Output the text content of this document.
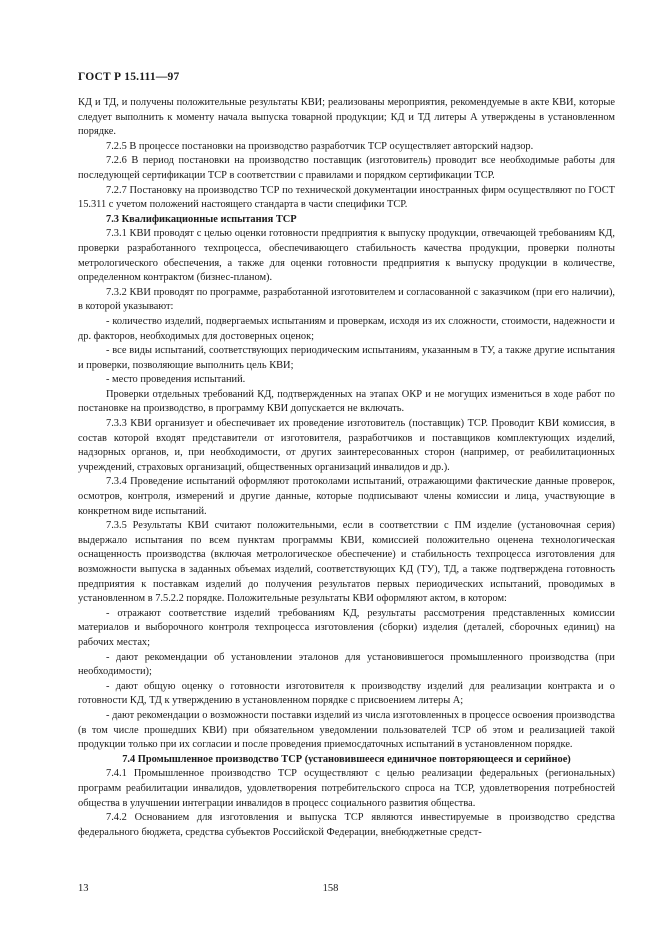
ГОСТ Р 15.111—97

КД и ТД, и получены положительные результаты КВИ; реализованы мероприятия, рекомендуемые в акте КВИ, которые следует выполнить к моменту начала выпуска товарной продукции; КД и ТД литеры А утверждены в установленном порядке.

7.2.5 В процессе постановки на производство разработчик ТСР осуществляет авторский надзор.

7.2.6 В период постановки на производство поставщик (изготовитель) проводит все необходимые работы для последующей сертификации ТСР в соответствии с правилами и порядком сертификации ТСР.

7.2.7 Постановку на производство ТСР по технической документации иностранных фирм осуществляют по ГОСТ 15.311 с учетом положений настоящего стандарта в части специфики ТСР.

7.3 Квалификационные испытания ТСР

7.3.1 КВИ проводят с целью оценки готовности предприятия к выпуску продукции, отвечающей требованиям КД, проверки разработанного техпроцесса, обеспечивающего стабильность качества продукции, проверки полноты метрологического обеспечения, а также для оценки готовности предприятия к выпуску продукции в количестве, определенном контрактом (бизнес-планом).

7.3.2 КВИ проводят по программе, разработанной изготовителем и согласованной с заказчиком (при его наличии), в которой указывают:

- количество изделий, подвергаемых испытаниям и проверкам, исходя из их сложности, стоимости, надежности и др. факторов, необходимых для достоверных оценок;

- все виды испытаний, соответствующих периодическим испытаниям, указанным в ТУ, а также другие испытания и проверки, позволяющие выполнить цель КВИ;

- место проведения испытаний.

Проверки отдельных требований КД, подтвержденных на этапах ОКР и не могущих измениться в ходе работ по постановке на производство, в программу КВИ допускается не включать.

7.3.3 КВИ организует и обеспечивает их проведение изготовитель (поставщик) ТСР. Проводит КВИ комиссия, в состав которой входят представители от изготовителя, разработчиков и поставщиков комплектующих изделий, надзорных органов, и, при необходимости, от других заинтересованных сторон (например, от реабилитационных учреждений, страховых организаций, общественных организаций инвалидов и др.).

7.3.4 Проведение испытаний оформляют протоколами испытаний, отражающими фактические данные проверок, осмотров, контроля, измерений и другие данные, которые подписывают члены комиссии и лица, участвующие в конкретном виде испытаний.

7.3.5 Результаты КВИ считают положительными, если в соответствии с ПМ изделие (установочная серия) выдержало испытания по всем пунктам программы КВИ, комиссией положительно оценена технологическая оснащенность производства (включая метрологическое обеспечение) и стабильность техпроцесса изготовления для возможности выпуска в заданных объемах изделий, соответствующих КД (ТУ), ТД, а также подтверждена готовность предприятия к поставкам изделий до получения результатов первых периодических испытаний, проводимых в установленном в 7.5.2.2 порядке. Положительные результаты КВИ оформляют актом, в котором:

- отражают соответствие изделий требованиям КД, результаты рассмотрения представленных комиссии материалов и выборочного контроля техпроцесса изготовления (сборки) изделия (деталей, сборочных единиц) на рабочих местах;

- дают рекомендации об установлении эталонов для установившегося промышленного производства (при необходимости);

- дают общую оценку о готовности изготовителя к производству изделий для реализации контракта и о готовности КД, ТД к утверждению в установленном порядке с присвоением литеры А;

- дают рекомендации о возможности поставки изделий из числа изготовленных в процессе освоения производства (в том числе прошедших КВИ) при обязательном уведомлении пользователей ТСР об этом и реализацией такой продукции только при их согласии и после проведения приемосдаточных испытаний в установленном порядке.

7.4 Промышленное производство ТСР (установившееся единичное повторяющееся и серийное)

7.4.1 Промышленное производство ТСР осуществляют с целью реализации федеральных (региональных) программ реабилитации инвалидов, удовлетворения потребительского спроса на ТСР, удовлетворения потребностей общества в улучшении интеграции инвалидов в процесс социального развития общества.

7.4.2 Основанием для изготовления и выпуска ТСР являются инвестируемые в производство средства федерального бюджета, средства субъектов Российской Федерации, внебюджетные средст-

13	158
